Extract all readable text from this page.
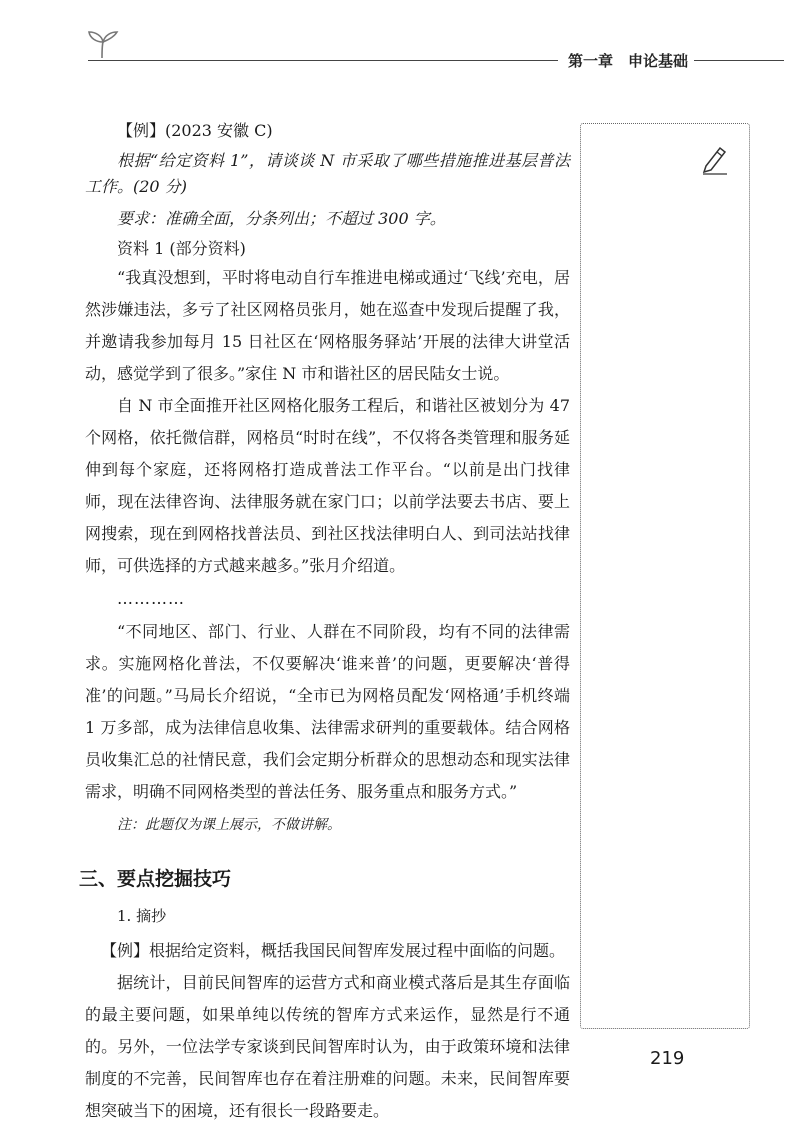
第一章　申论基础

【例】(2023 安徽 C)

根据“给定资料 1”，请谈谈 N 市采取了哪些措施推进基层普法工作。(20 分)

要求：准确全面，分条列出；不超过 300 字。

资料 1 (部分资料)

“我真没想到，平时将电动自行车推进电梯或通过‘飞线’充电，居然涉嫌违法，多亏了社区网格员张月，她在巡查中发现后提醒了我，并邀请我参加每月 15 日社区在‘网格服务驿站’开展的法律大讲堂活动，感觉学到了很多。”家住 N 市和谐社区的居民陆女士说。

自 N 市全面推开社区网格化服务工程后，和谐社区被划分为 47 个网格，依托微信群，网格员“时时在线”，不仅将各类管理和服务延伸到每个家庭，还将网格打造成普法工作平台。“以前是出门找律师，现在法律咨询、法律服务就在家门口；以前学法要去书店、要上网搜索，现在到网格找普法员、到社区找法律明白人、到司法站找律师，可供选择的方式越来越多。”张月介绍道。

…………

“不同地区、部门、行业、人群在不同阶段，均有不同的法律需求。实施网格化普法，不仅要解决‘谁来普’的问题，更要解决‘普得准’的问题。”马局长介绍说，“全市已为网格员配发‘网格通’手机终端 1 万多部，成为法律信息收集、法律需求研判的重要载体。结合网格员收集汇总的社情民意，我们会定期分析群众的思想动态和现实法律需求，明确不同网格类型的普法任务、服务重点和服务方式。”

注：此题仅为课上展示，不做讲解。

三、要点挖掘技巧

1. 摘抄

【例】根据给定资料，概括我国民间智库发展过程中面临的问题。

据统计，目前民间智库的运营方式和商业模式落后是其生存面临的最主要问题，如果单纯以传统的智库方式来运作，显然是行不通的。另外，一位法学专家谈到民间智库时认为，由于政策环境和法律制度的不完善，民间智库也存在着注册难的问题。未来，民间智库要想突破当下的困境，还有很长一段路要走。

219
